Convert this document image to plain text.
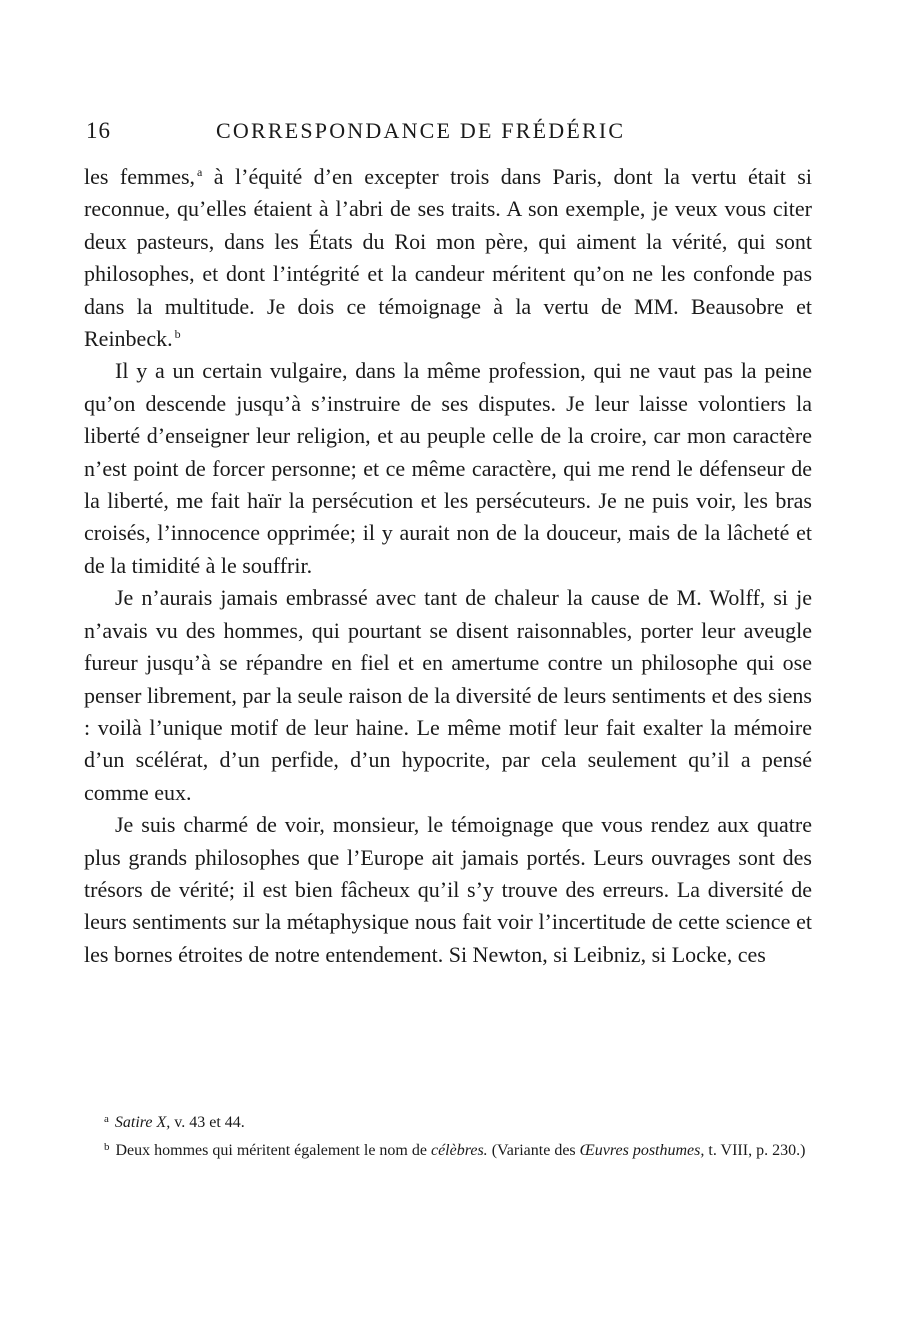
16	CORRESPONDANCE DE FRÉDÉRIC

les femmes, $^a$ à l’équité d’en excepter trois dans Paris, dont la vertu était si reconnue, qu’elles étaient à l’abri de ses traits. A son exemple, je veux vous citer deux pasteurs, dans les États du Roi mon père, qui aiment la vérité, qui sont philosophes, et dont l’intégrité et la candeur méritent qu’on ne les confonde pas dans la multitude. Je dois ce témoignage à la vertu de MM. Beausobre et Reinbeck. $^b$

Il y a un certain vulgaire, dans la même profession, qui ne vaut pas la peine qu’on descende jusqu’à s’instruire de ses disputes. Je leur laisse volontiers la liberté d’enseigner leur religion, et au peuple celle de la croire, car mon caractère n’est point de forcer personne; et ce même caractère, qui me rend le défenseur de la liberté, me fait haïr la persécution et les persécuteurs. Je ne puis voir, les bras croisés, l’innocence opprimée; il y aurait non de la douceur, mais de la lâcheté et de la timidité à le souffrir.

Je n’aurais jamais embrassé avec tant de chaleur la cause de M. Wolff, si je n’avais vu des hommes, qui pourtant se disent raisonnables, porter leur aveugle fureur jusqu’à se répandre en fiel et en amertume contre un philosophe qui ose penser librement, par la seule raison de la diversité de leurs sentiments et des siens : voilà l’unique motif de leur haine. Le même motif leur fait exalter la mémoire d’un scélérat, d’un perfide, d’un hypocrite, par cela seulement qu’il a pensé comme eux.

Je suis charmé de voir, monsieur, le témoignage que vous rendez aux quatre plus grands philosophes que l’Europe ait jamais portés. Leurs ouvrages sont des trésors de vérité; il est bien fâcheux qu’il s’y trouve des erreurs. La diversité de leurs sentiments sur la métaphysique nous fait voir l’incertitude de cette science et les bornes étroites de notre entendement. Si Newton, si Leibniz, si Locke, ces

$^a$ Satire X, v. 43 et 44.

$^b$ Deux hommes qui méritent également le nom de célèbres. (Variante des Œuvres posthumes, t. VIII, p. 230.)
